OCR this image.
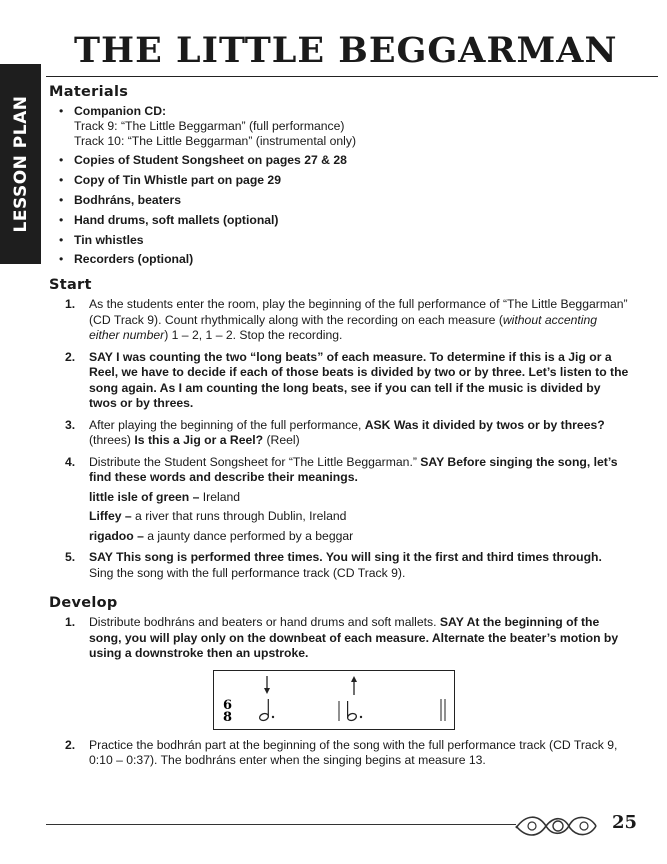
LESSON PLAN
THE LITTLE BEGGARMAN
Materials
• Companion CD:
Track 9: “The Little Beggarman” (full performance)
Track 10: “The Little Beggarman” (instrumental only)
• Copies of Student Songsheet on pages 27 & 28
• Copy of Tin Whistle part on page 29
• Bodhráns, beaters
• Hand drums, soft mallets (optional)
• Tin whistles
• Recorders (optional)
Start
1. As the students enter the room, play the beginning of the full performance of “The Little Beggarman” (CD Track 9). Count rhythmically along with the recording on each measure (without accenting either number) 1 – 2, 1 – 2. Stop the recording.
2. SAY I was counting the two “long beats” of each measure. To determine if this is a Jig or a Reel, we have to decide if each of those beats is divided by two or by three. Let’s listen to the song again. As I am counting the long beats, see if you can tell if the music is divided by twos or by threes.
3. After playing the beginning of the full performance, ASK Was it divided by twos or by threes? (threes) Is this a Jig or a Reel? (Reel)
4. Distribute the Student Songsheet for “The Little Beggarman.” SAY Before singing the song, let’s find these words and describe their meanings.
little isle of green – Ireland
Liffey – a river that runs through Dublin, Ireland
rigadoo – a jaunty dance performed by a beggar
5. SAY This song is performed three times. You will sing it the first and third times through.
Sing the song with the full performance track (CD Track 9).
Develop
1. Distribute bodhráns and beaters or hand drums and soft mallets. SAY At the beginning of the song, you will play only on the downbeat of each measure. Alternate the beater’s motion by using a downstroke then an upstroke.
6
8
2. Practice the bodhrán part at the beginning of the song with the full performance track (CD Track 9, 0:10 – 0:37). The bodhráns enter when the singing begins at measure 13.
25
